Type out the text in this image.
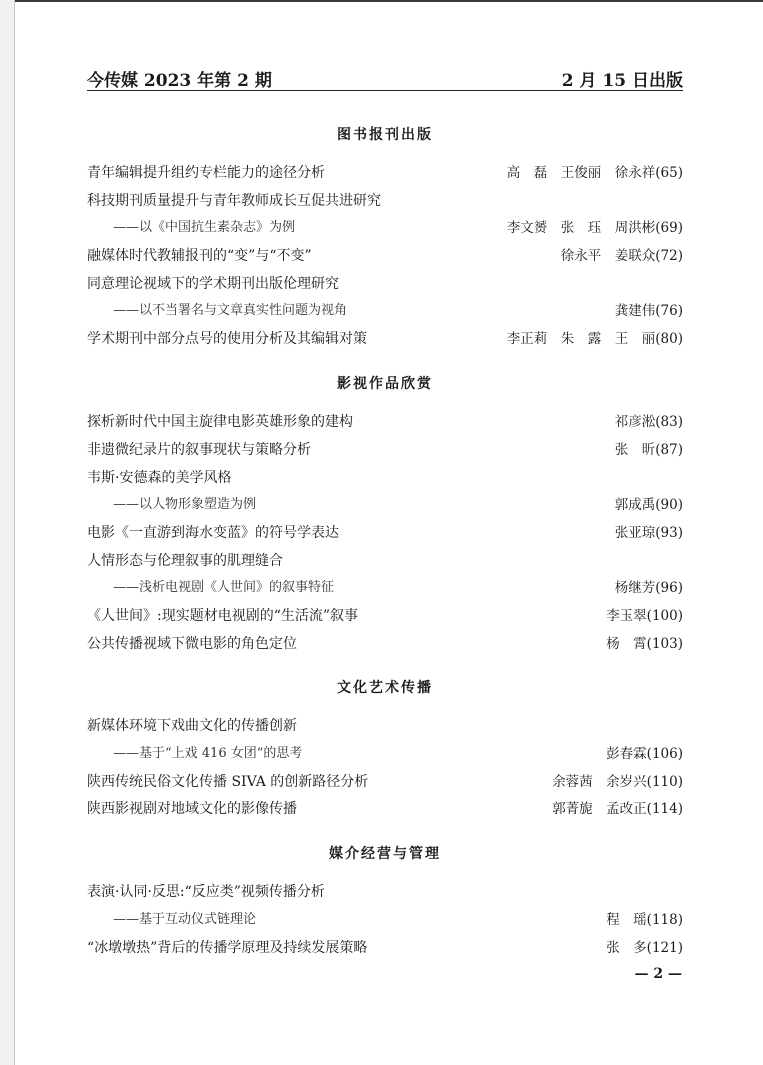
今传媒 2023 年第 2 期	2 月 15 日出版
图书报刊出版
青年编辑提升组约专栏能力的途径分析	高　磊　王俊丽　徐永祥(65)
科技期刊质量提升与青年教师成长互促共进研究
——以《中国抗生素杂志》为例	李文赟　张　珏　周洪彬(69)
融媒体时代教辅报刊的“变”与“不变”	徐永平　姜联众(72)
同意理论视域下的学术期刊出版伦理研究
——以不当署名与文章真实性问题为视角	龚建伟(76)
学术期刊中部分点号的使用分析及其编辑对策	李正莉　朱　露　王　丽(80)
影视作品欣赏
探析新时代中国主旋律电影英雄形象的建构	祁彦淞(83)
非遗微纪录片的叙事现状与策略分析	张　昕(87)
韦斯·安德森的美学风格
——以人物形象塑造为例	郭成禹(90)
电影《一直游到海水变蓝》的符号学表达	张亚琼(93)
人情形态与伦理叙事的肌理缝合
——浅析电视剧《人世间》的叙事特征	杨继芳(96)
《人世间》:现实题材电视剧的“生活流”叙事	李玉翠(100)
公共传播视域下微电影的角色定位	杨　霄(103)
文化艺术传播
新媒体环境下戏曲文化的传播创新
——基于“上戏 416 女团”的思考	彭春霖(106)
陕西传统民俗文化传播 SIVA 的创新路径分析	余蓉茜　余岁兴(110)
陕西影视剧对地域文化的影像传播	郭菁旎　孟改正(114)
媒介经营与管理
表演·认同·反思:“反应类”视频传播分析
——基于互动仪式链理论	程　瑶(118)
“冰墩墩热”背后的传播学原理及持续发展策略	张　多(121)
— 2 —
